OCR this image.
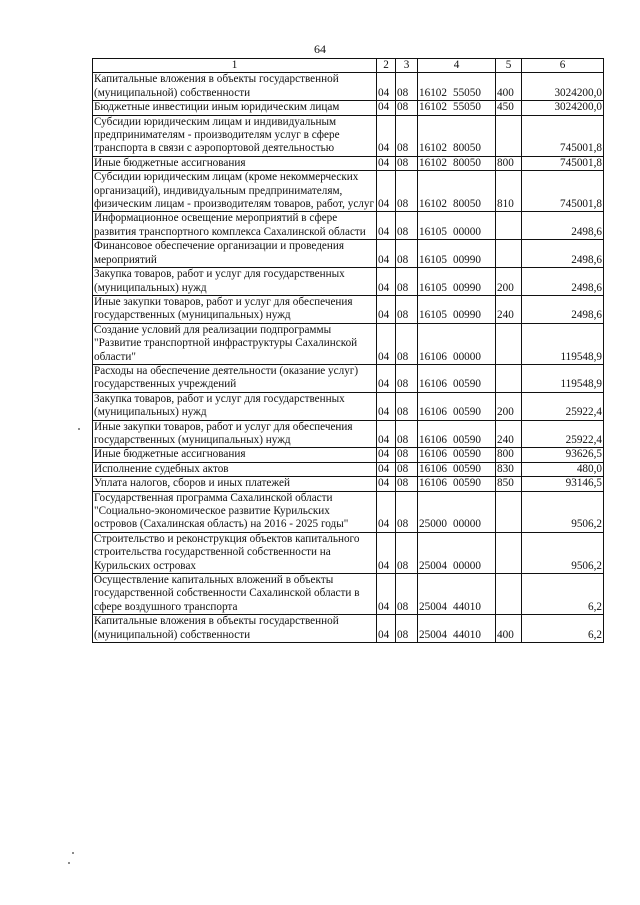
64
1	2	3	4	5	6
Капитальные вложения в объекты государственной (муниципальной) собственности	04	08	16102 55050	400	3024200,0
Бюджетные инвестиции иным юридическим лицам	04	08	16102 55050	450	3024200,0
Субсидии юридическим лицам и индивидуальным предпринимателям - производителям услуг в сфере транспорта в связи с аэропортовой деятельностью	04	08	16102 80050		745001,8
Иные бюджетные ассигнования	04	08	16102 80050	800	745001,8
Субсидии юридическим лицам (кроме некоммерческих организаций), индивидуальным предпринимателям, физическим лицам - производителям товаров, работ, услуг	04	08	16102 80050	810	745001,8
Информационное освещение мероприятий в сфере развития транспортного комплекса Сахалинской области	04	08	16105 00000		2498,6
Финансовое обеспечение организации и проведения мероприятий	04	08	16105 00990		2498,6
Закупка товаров, работ и услуг для государственных (муниципальных) нужд	04	08	16105 00990	200	2498,6
Иные закупки товаров, работ и услуг для обеспечения государственных (муниципальных) нужд	04	08	16105 00990	240	2498,6
Создание условий для реализации подпрограммы "Развитие транспортной инфраструктуры Сахалинской области"	04	08	16106 00000		119548,9
Расходы на обеспечение деятельности (оказание услуг) государственных учреждений	04	08	16106 00590		119548,9
Закупка товаров, работ и услуг для государственных (муниципальных) нужд	04	08	16106 00590	200	25922,4
Иные закупки товаров, работ и услуг для обеспечения государственных (муниципальных) нужд	04	08	16106 00590	240	25922,4
Иные бюджетные ассигнования	04	08	16106 00590	800	93626,5
Исполнение судебных актов	04	08	16106 00590	830	480,0
Уплата налогов, сборов и иных платежей	04	08	16106 00590	850	93146,5
Государственная программа Сахалинской области "Социально-экономическое развитие Курильских островов (Сахалинская область) на 2016 - 2025 годы"	04	08	25000 00000		9506,2
Строительство и реконструкция объектов капитального строительства государственной собственности на Курильских островах	04	08	25004 00000		9506,2
Осуществление капитальных вложений в объекты государственной собственности Сахалинской области в сфере воздушного транспорта	04	08	25004 44010		6,2
Капитальные вложения в объекты государственной (муниципальной) собственности	04	08	25004 44010	400	6,2
